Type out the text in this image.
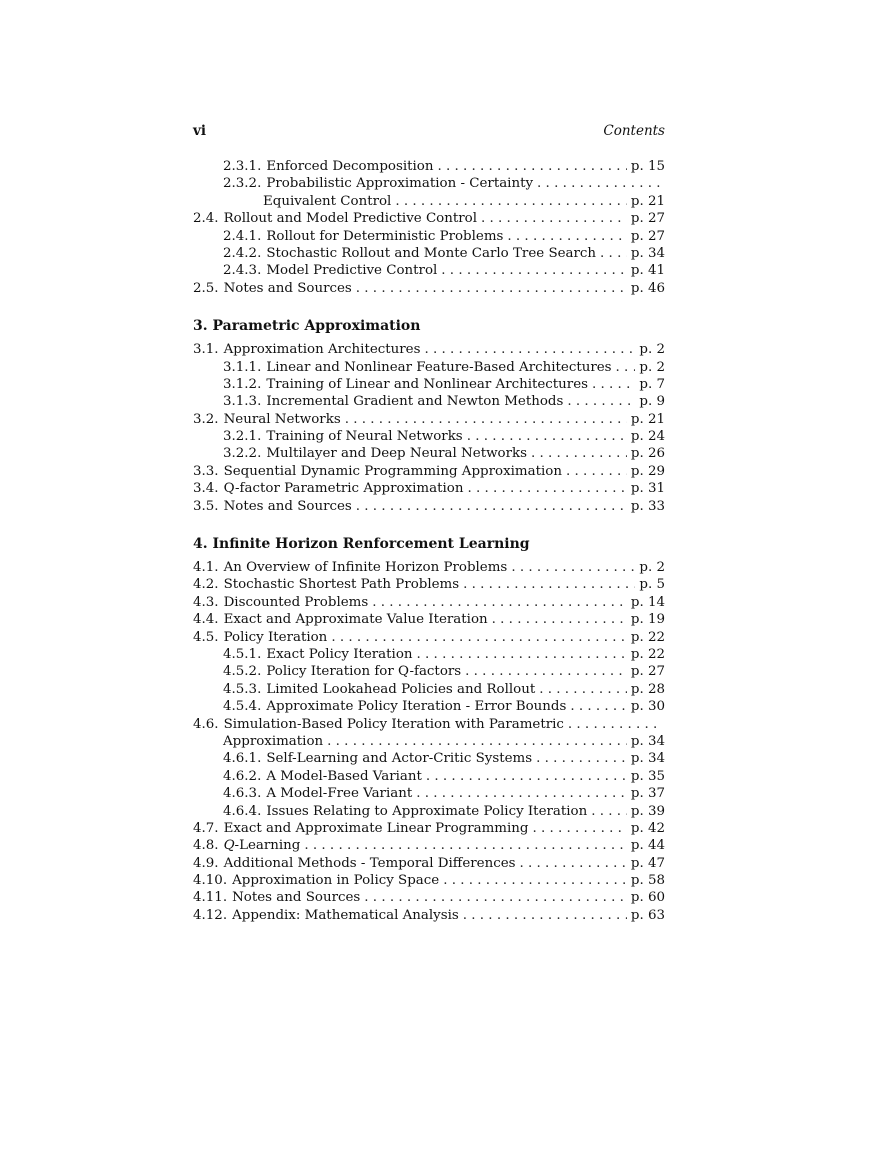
vi	Contents
2.3.1. Enforced Decomposition . . .	p. 15
2.3.2. Probabilistic Approximation - Certainty
. . .
Equivalent Control . . .	p. 21
2.4. Rollout and Model Predictive Control . . .	p. 27
2.4.1. Rollout for Deterministic Problems . . .	p. 27
2.4.2. Stochastic Rollout and Monte Carlo Tree Search . . .	p. 34
2.4.3. Model Predictive Control . . .	p. 41
2.5. Notes and Sources . . .	p. 46
3. Parametric Approximation
3.1. Approximation Architectures . . .	p. 2
3.1.1. Linear and Nonlinear Feature-Based Architectures . . . p. 2
3.1.2. Training of Linear and Nonlinear Architectures . . .	p. 7
3.1.3. Incremental Gradient and Newton Methods . . .	p. 9
3.2. Neural Networks . . .	p. 21
3.2.1. Training of Neural Networks . . .	p. 24
3.2.2. Multilayer and Deep Neural Networks . . .	p. 26
3.3. Sequential Dynamic Programming Approximation . . .	p. 29
3.4. Q-factor Parametric Approximation . . .	p. 31
3.5. Notes and Sources . . .	p. 33
4. Infinite Horizon Renforcement Learning
4.1. An Overview of Infinite Horizon Problems . . .	p. 2
4.2. Stochastic Shortest Path Problems . . .	p. 5
4.3. Discounted Problems . . .	p. 14
4.4. Exact and Approximate Value Iteration . . .	p. 19
4.5. Policy Iteration . . .	p. 22
4.5.1. Exact Policy Iteration . . .	p. 22
4.5.2. Policy Iteration for Q-factors . . .	p. 27
4.5.3. Limited Lookahead Policies and Rollout . . .	p. 28
4.5.4. Approximate Policy Iteration - Error Bounds . . .	p. 30
4.6. Simulation-Based Policy Iteration with Parametric
. . .
Approximation . . .	p. 34
4.6.1. Self-Learning and Actor-Critic Systems . . .	p. 34
4.6.2. A Model-Based Variant . . .	p. 35
4.6.3. A Model-Free Variant . . .	p. 37
4.6.4. Issues Relating to Approximate Policy Iteration . . .	p. 39
4.7. Exact and Approximate Linear Programming . . .	p. 42
4.8. Q-Learning . . .	p. 44
4.9. Additional Methods - Temporal Differences . . .	p. 47
4.10. Approximation in Policy Space . . .	p. 58
4.11. Notes and Sources . . .	p. 60
4.12. Appendix: Mathematical Analysis . . .	p. 63
